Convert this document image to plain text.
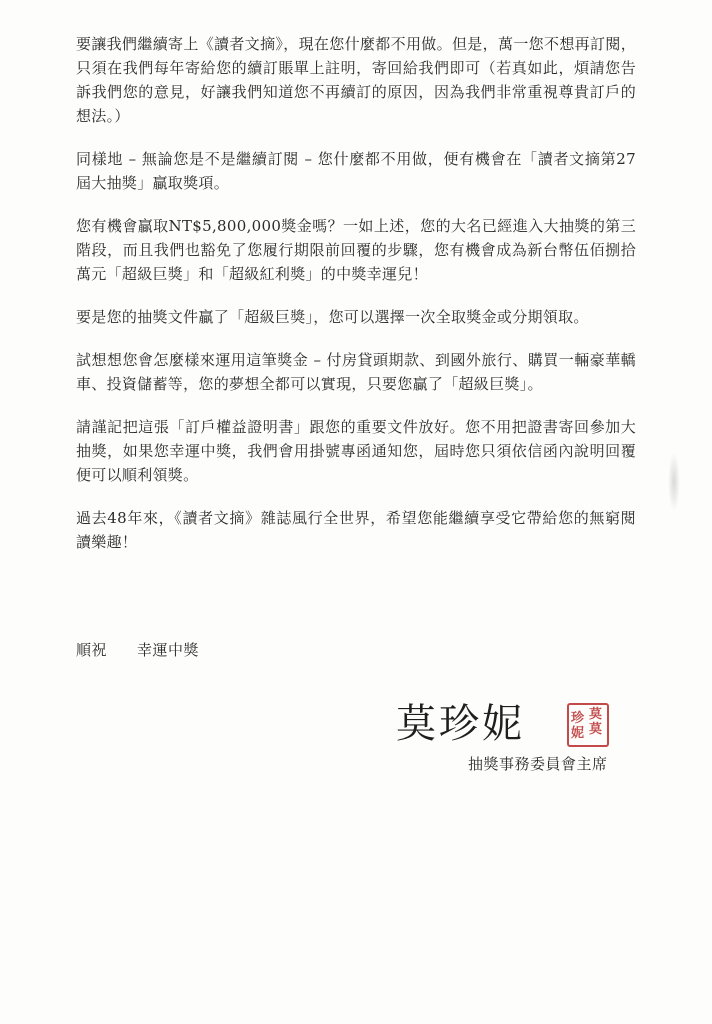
要讓我們繼續寄上《讀者文摘》，現在您什麼都不用做。但是，萬一您不想再訂閱，只須在我們每年寄給您的續訂賬單上註明，寄回給我們即可（若真如此，煩請您告訴我們您的意見，好讓我們知道您不再續訂的原因，因為我們非常重視尊貴訂戶的想法。）

同樣地 – 無論您是不是繼續訂閱 – 您什麼都不用做，便有機會在「讀者文摘第27屆大抽獎」贏取獎項。

您有機會贏取NT$5,800,000獎金嗎？一如上述，您的大名已經進入大抽獎的第三階段，而且我們也豁免了您履行期限前回覆的步驟，您有機會成為新台幣伍佰捌拾萬元「超級巨獎」和「超級紅利獎」的中獎幸運兒！

要是您的抽獎文件贏了「超級巨獎」，您可以選擇一次全取獎金或分期領取。

試想想您會怎麼樣來運用這筆獎金 – 付房貸頭期款、到國外旅行、購買一輛豪華轎車、投資儲蓄等，您的夢想全都可以實現，只要您贏了「超級巨獎」。

請謹記把這張「訂戶權益證明書」跟您的重要文件放好。您不用把證書寄回參加大抽獎，如果您幸運中獎，我們會用掛號專函通知您，屆時您只須依信函內說明回覆便可以順利領獎。

過去48年來，《讀者文摘》雜誌風行全世界，希望您能繼續享受它帶給您的無窮閱讀樂趣！

順祝 幸運中獎
莫珍妮	珍
妮
莫
莫
抽獎事務委員會主席
